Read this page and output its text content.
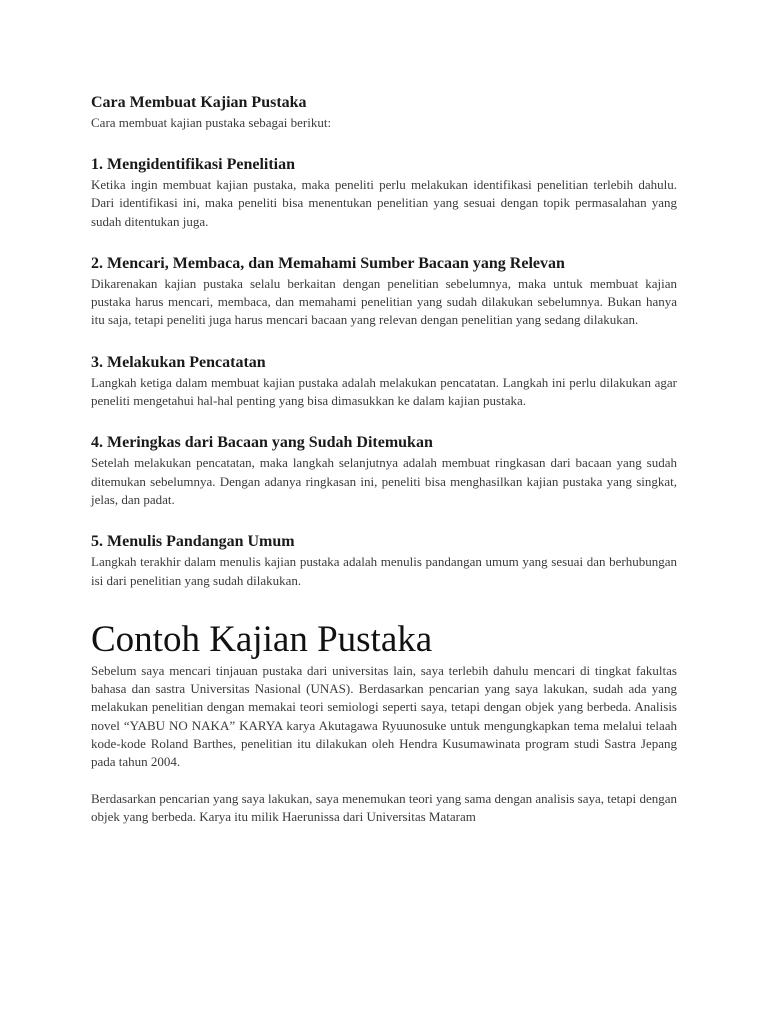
Cara Membuat Kajian Pustaka

Cara membuat kajian pustaka sebagai berikut:

1. Mengidentifikasi Penelitian

Ketika ingin membuat kajian pustaka, maka peneliti perlu melakukan identifikasi penelitian terlebih dahulu. Dari identifikasi ini, maka peneliti bisa menentukan penelitian yang sesuai dengan topik permasalahan yang sudah ditentukan juga.

2. Mencari, Membaca, dan Memahami Sumber Bacaan yang Relevan

Dikarenakan kajian pustaka selalu berkaitan dengan penelitian sebelumnya, maka untuk membuat kajian pustaka harus mencari, membaca, dan memahami penelitian yang sudah dilakukan sebelumnya. Bukan hanya itu saja, tetapi peneliti juga harus mencari bacaan yang relevan dengan penelitian yang sedang dilakukan.

3. Melakukan Pencatatan

Langkah ketiga dalam membuat kajian pustaka adalah melakukan pencatatan. Langkah ini perlu dilakukan agar peneliti mengetahui hal-hal penting yang bisa dimasukkan ke dalam kajian pustaka.

4. Meringkas dari Bacaan yang Sudah Ditemukan

Setelah melakukan pencatatan, maka langkah selanjutnya adalah membuat ringkasan dari bacaan yang sudah ditemukan sebelumnya. Dengan adanya ringkasan ini, peneliti bisa menghasilkan kajian pustaka yang singkat, jelas, dan padat.

5. Menulis Pandangan Umum

Langkah terakhir dalam menulis kajian pustaka adalah menulis pandangan umum yang sesuai dan berhubungan isi dari penelitian yang sudah dilakukan.

Contoh Kajian Pustaka

Sebelum saya mencari tinjauan pustaka dari universitas lain, saya terlebih dahulu mencari di tingkat fakultas bahasa dan sastra Universitas Nasional (UNAS). Berdasarkan pencarian yang saya lakukan, sudah ada yang melakukan penelitian dengan memakai teori semiologi seperti saya, tetapi dengan objek yang berbeda. Analisis novel “YABU NO NAKA” KARYA karya Akutagawa Ryuunosuke untuk mengungkapkan tema melalui telaah kode-kode Roland Barthes, penelitian itu dilakukan oleh Hendra Kusumawinata program studi Sastra Jepang pada tahun 2004.

Berdasarkan pencarian yang saya lakukan, saya menemukan teori yang sama dengan analisis saya, tetapi dengan objek yang berbeda. Karya itu milik Haerunissa dari Universitas Mataram
